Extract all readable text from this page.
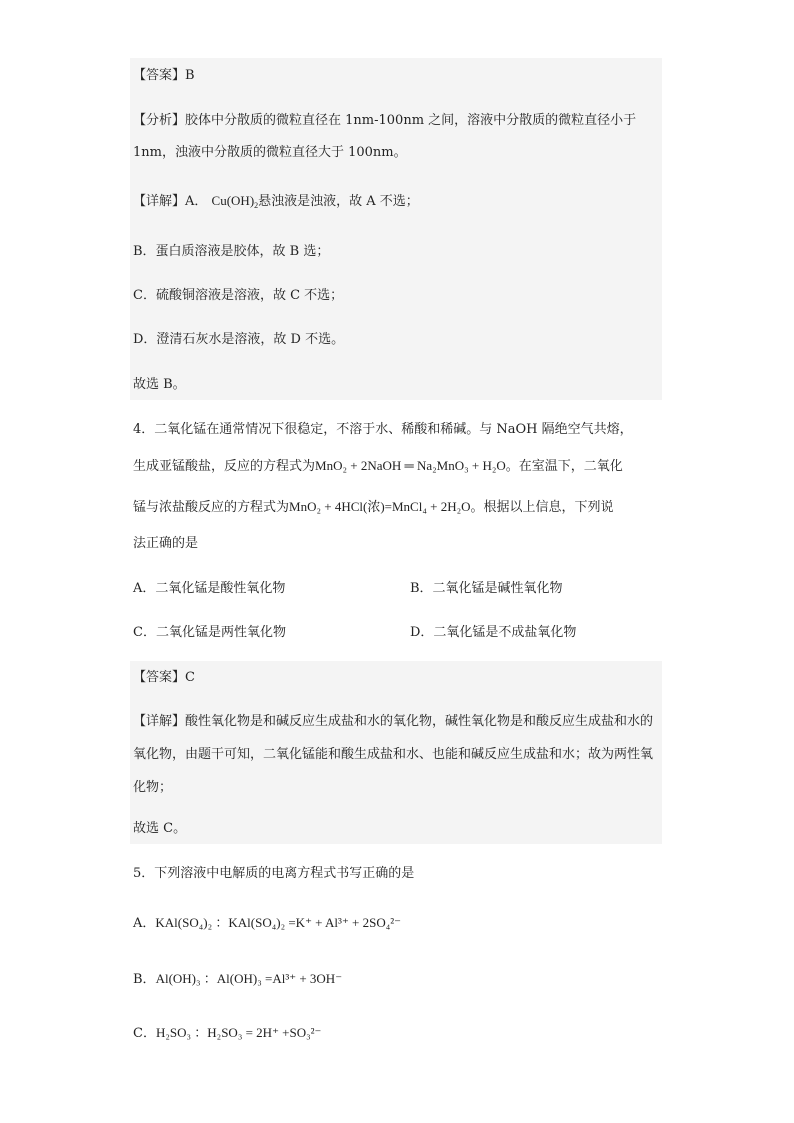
【答案】B
【分析】胶体中分散质的微粒直径在 1nm-100nm 之间，溶液中分散质的微粒直径小于
1nm，浊液中分散质的微粒直径大于 100nm。
【详解】A． $Cu(OH)_2$悬浊液是浊液，故 A 不选；
B．蛋白质溶液是胶体，故 B 选；
C．硫酸铜溶液是溶液，故 C 不选；
D．澄清石灰水是溶液，故 D 不选。
故选 B。
4．二氧化锰在通常情况下很稳定，不溶于水、稀酸和稀碱。与 NaOH 隔绝空气共熔，
生成亚锰酸盐，反应的方程式为MnO₂ + 2NaOH ═ Na₂MnO₃ + H₂O。在室温下，二氧化
锰与浓盐酸反应的方程式为MnO₂ + 4HCl(浓)=MnCl₄ + 2H₂O。根据以上信息，下列说
法正确的是
A．二氧化锰是酸性氧化物	B．二氧化锰是碱性氧化物
C．二氧化锰是两性氧化物	D．二氧化锰是不成盐氧化物
【答案】C
【详解】酸性氧化物是和碱反应生成盐和水的氧化物，碱性氧化物是和酸反应生成盐和水的氧化物，由题干可知，二氧化锰能和酸生成盐和水、也能和碱反应生成盐和水；故为两性氧化物；
故选 C。
5．下列溶液中电解质的电离方程式书写正确的是
A．KAl(SO₄)₂ ：KAl(SO₄)₂ =K⁺ + Al³⁺ + 2SO₄²⁻
B．Al(OH)₃ ：Al(OH)₃ =Al³⁺ + 3OH⁻
C．H₂SO₃ ：H₂SO₃ = 2H⁺ +SO₃²⁻
